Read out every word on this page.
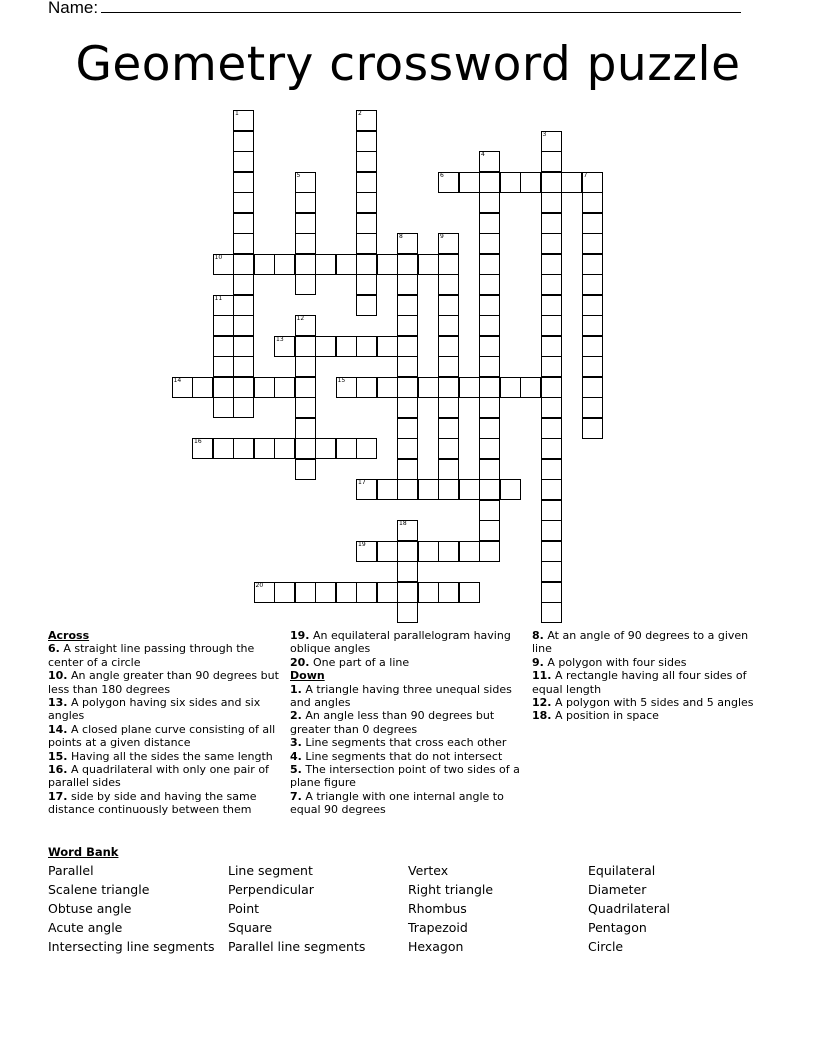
Name:
Geometry crossword puzzle
1	2
3
4
5	6	7
8	9
10
11
12
13
14	15
16
17
18
19
20
Across
6. A straight line passing through the center of a circle
10. An angle greater than 90 degrees but less than 180 degrees
13. A polygon having six sides and six angles
14. A closed plane curve consisting of all points at a given distance
15. Having all the sides the same length
16. A quadrilateral with only one pair of parallel sides
17. side by side and having the same distance continuously between them
19. An equilateral parallelogram having oblique angles
20. One part of a line
Down
1. A triangle having three unequal sides and angles
2. An angle less than 90 degrees but greater than 0 degrees
3. Line segments that cross each other
4. Line segments that do not intersect
5. The intersection point of two sides of a plane figure
7. A triangle with one internal angle to equal 90 degrees
8. At an angle of 90 degrees to a given line
9. A polygon with four sides
11. A rectangle having all four sides of equal length
12. A polygon with 5 sides and 5 angles
18. A position in space
Word Bank
Parallel	Line segment	Vertex	Equilateral
Scalene triangle	Perpendicular	Right triangle	Diameter
Obtuse angle	Point	Rhombus	Quadrilateral
Acute angle	Square	Trapezoid	Pentagon
Intersecting line segments	Parallel line segments	Hexagon	Circle
